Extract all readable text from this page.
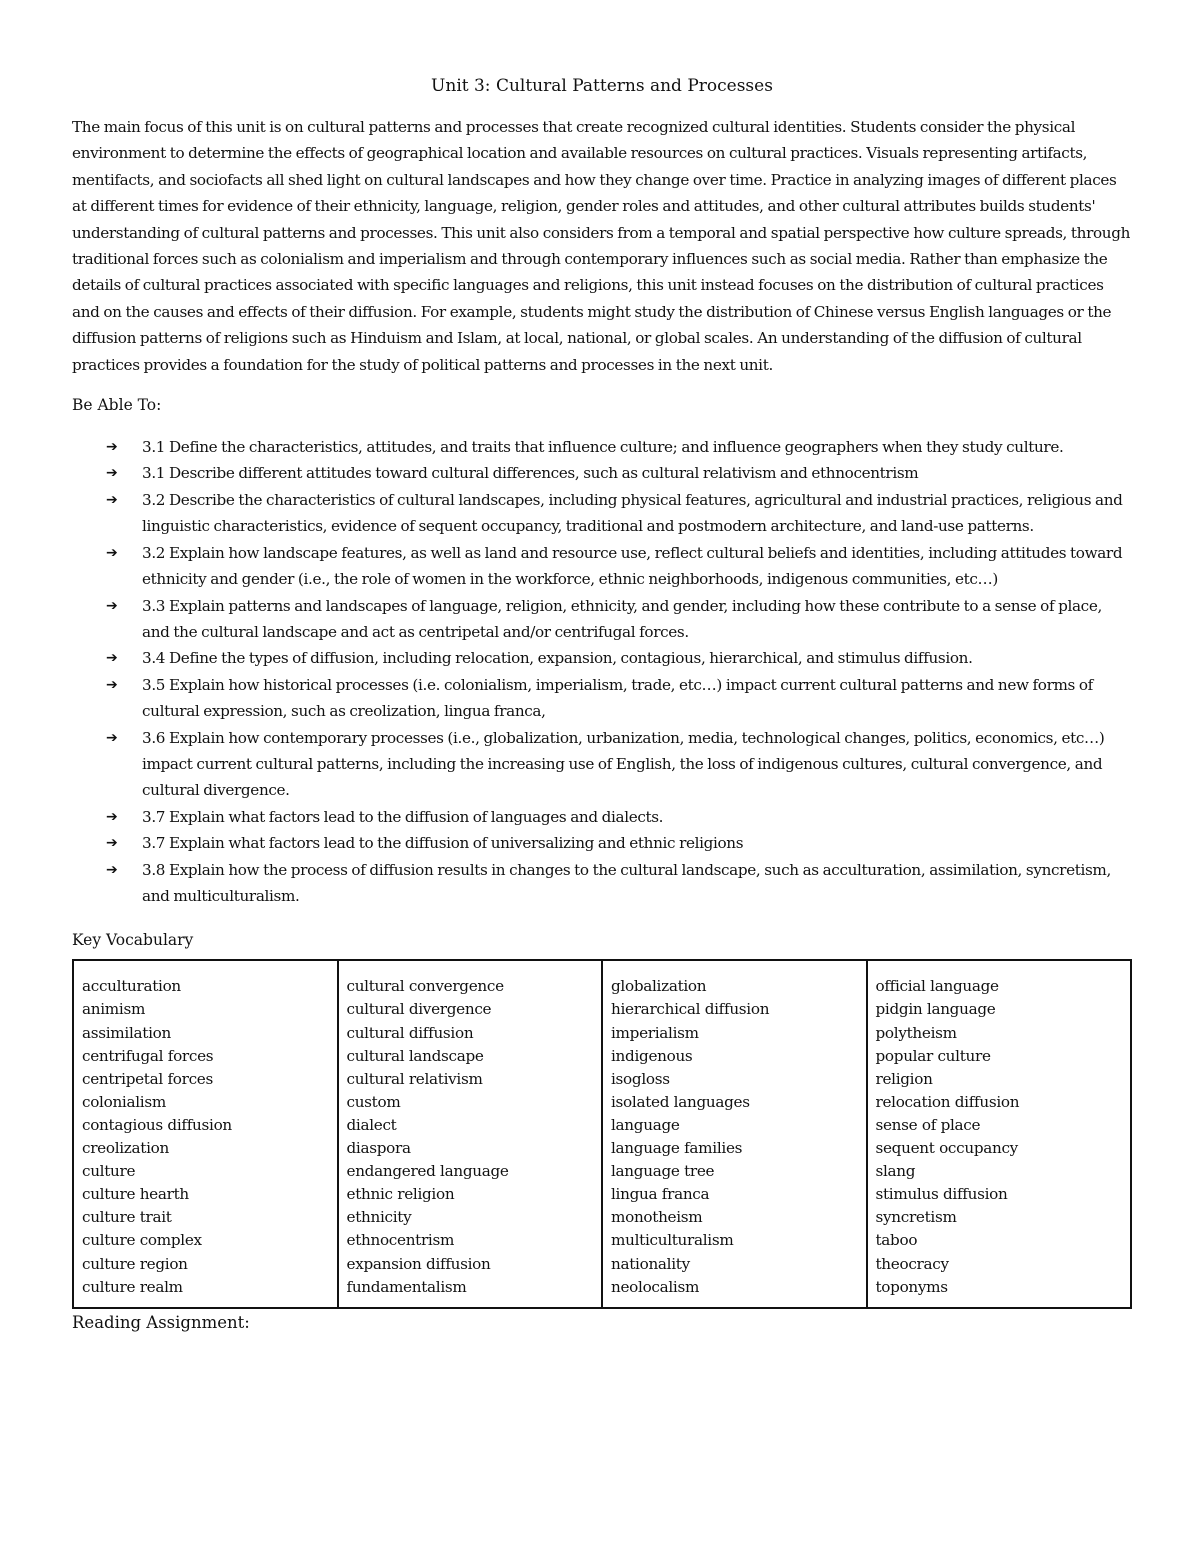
Unit 3: Cultural Patterns and Processes

The main focus of this unit is on cultural patterns and processes that create recognized cultural identities. Students consider the physical environment to determine the effects of geographical location and available resources on cultural practices. Visuals representing artifacts, mentifacts, and sociofacts all shed light on cultural landscapes and how they change over time. Practice in analyzing images of different places at different times for evidence of their ethnicity, language, religion, gender roles and attitudes, and other cultural attributes builds students' understanding of cultural patterns and processes. This unit also considers from a temporal and spatial perspective how culture spreads, through traditional forces such as colonialism and imperialism and through contemporary influences such as social media. Rather than emphasize the details of cultural practices associated with specific languages and religions, this unit instead focuses on the distribution of cultural practices and on the causes and effects of their diffusion. For example, students might study the distribution of Chinese versus English languages or the diffusion patterns of religions such as Hinduism and Islam, at local, national, or global scales. An understanding of the diffusion of cultural practices provides a foundation for the study of political patterns and processes in the next unit.

Be Able To:
➔ 3.1 Define the characteristics, attitudes, and traits that influence culture; and influence geographers when they study culture.
➔ 3.1 Describe different attitudes toward cultural differences, such as cultural relativism and ethnocentrism
➔ 3.2 Describe the characteristics of cultural landscapes, including physical features, agricultural and industrial practices, religious and linguistic characteristics, evidence of sequent occupancy, traditional and postmodern architecture, and land-use patterns.
➔ 3.2 Explain how landscape features, as well as land and resource use, reflect cultural beliefs and identities, including attitudes toward ethnicity and gender (i.e., the role of women in the workforce, ethnic neighborhoods, indigenous communities, etc…)
➔ 3.3 Explain patterns and landscapes of language, religion, ethnicity, and gender, including how these contribute to a sense of place, and the cultural landscape and act as centripetal and/or centrifugal forces.
➔ 3.4 Define the types of diffusion, including relocation, expansion, contagious, hierarchical, and stimulus diffusion.
➔ 3.5 Explain how historical processes (i.e. colonialism, imperialism, trade, etc…) impact current cultural patterns and new forms of cultural expression, such as creolization, lingua franca,
➔ 3.6 Explain how contemporary processes (i.e., globalization, urbanization, media, technological changes, politics, economics, etc…) impact current cultural patterns, including the increasing use of English, the loss of indigenous cultures, cultural convergence, and cultural divergence.
➔ 3.7 Explain what factors lead to the diffusion of languages and dialects.
➔ 3.7 Explain what factors lead to the diffusion of universalizing and ethnic religions
➔ 3.8 Explain how the process of diffusion results in changes to the cultural landscape, such as acculturation, assimilation, syncretism, and multiculturalism.
Key Vocabulary
acculturation
animism
assimilation
centrifugal forces
centripetal forces
colonialism
contagious diffusion
creolization
culture
culture hearth
culture trait
culture complex
culture region
culture realm

cultural convergence
cultural divergence
cultural diffusion
cultural landscape
cultural relativism
custom
dialect
diaspora
endangered language
ethnic religion
ethnicity
ethnocentrism
expansion diffusion
fundamentalism

globalization
hierarchical diffusion
imperialism
indigenous
isogloss
isolated languages
language
language families
language tree
lingua franca
monotheism
multiculturalism
nationality
neolocalism

official language
pidgin language
polytheism
popular culture
religion
relocation diffusion
sense of place
sequent occupancy
slang
stimulus diffusion
syncretism
taboo
theocracy
toponyms
Reading Assignment:
